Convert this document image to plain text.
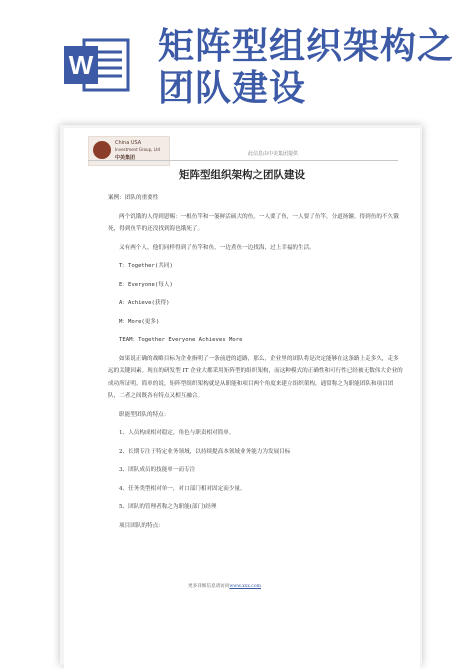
W 矩阵型组织架构之团队建设
China USA
Investment Group, Ltd
中美集团
此信息由中美集团提供
矩阵型组织架构之团队建设

案例：团队的重要性

两个饥饿的人得到恩赐：一根鱼竿和一篓鲜活硕大的鱼。一人要了鱼，一人要了鱼竿，分道扬镳。得到鱼的不久饿死，得到鱼竿的还没找到海也饿死了。

又有两个人，他们同样得到了鱼竿和鱼，一边煮鱼一边找海，过上幸福的生活。

T：Together(共同)

E：Everyone(每人)

A：Achieve(获得)

M：More(更多)

TEAM：Together Everyone Achieves More

如果说正确的战略目标为企业指明了一条前进的道路，那么，企业里的团队将是决定能够在这条路上走多久，走多远的关键因素。现在的研发型 IT 企业大都采用矩阵型的组织架构，而这种模式的正确性和可行性已经被无数伟大企业的成功所证明。简单的说，矩阵型组织架构就是从职能和项目两个角度来建立组织架构，通常称之为职能团队和项目团队，二者之间既各有特点又相互融合。

职能型团队的特点：

1、人员构成相对稳定，角色与职责相对简单。

2、长期专注于特定业务领域，以持续提高本领域业务能力为发展目标

3、团队成员的技能单一而专注

4、任务类型相对单一，对口部门相对固定而少量。

5、团队的管理者称之为职能(部门)经理

项目团队的特点：

更多详细信息请访问www.xxx.com
